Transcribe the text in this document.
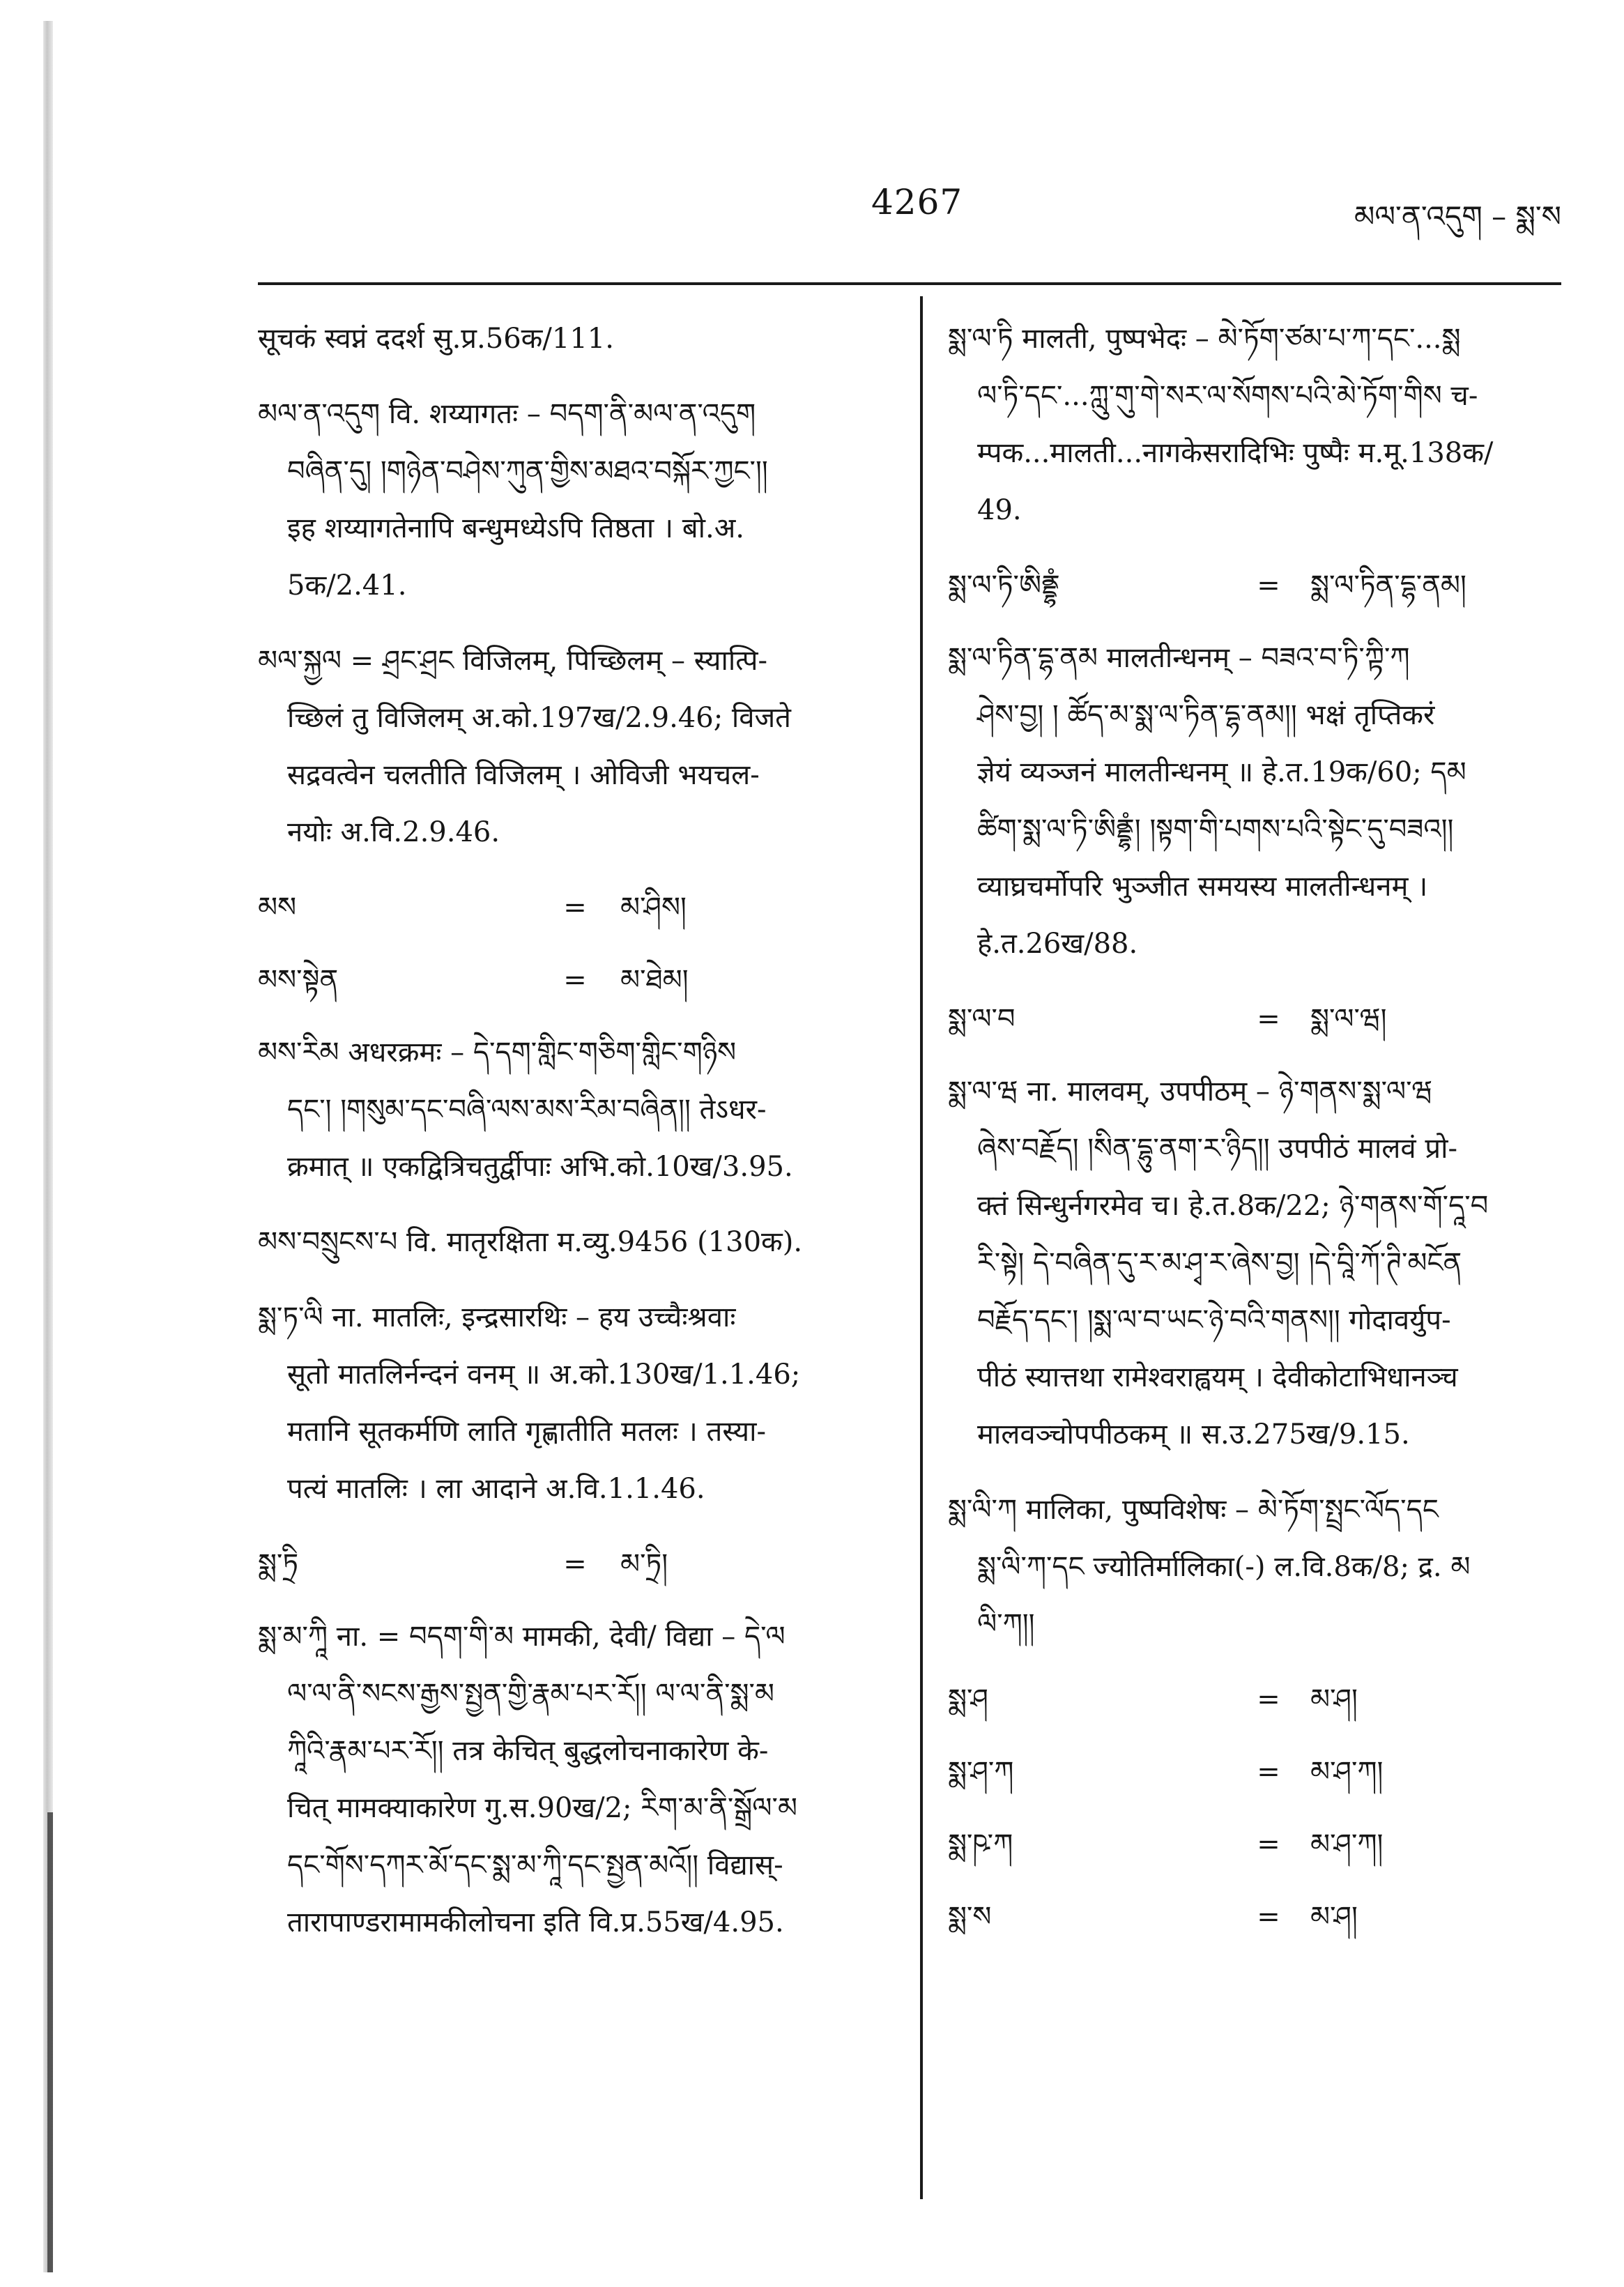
4267	མལ་ན་འདུག – སྨ་ས

सूचकं स्वप्नं ददर्श सु.प्र.56क/111.

མལ་ན་འདུག वि. शय्यागतः – བདག་ནི་མལ་ན་འདུག

བཞིན་དུ། །གཉེན་བཤེས་ཀུན་གྱིས་མཐའ་བསྐོར་ཀྱང་།།

इह शय्यागतेनापि बन्धुमध्येऽपि तिष्ठता । बो.अ.

5क/2.41.

མལ་སྐྱལ = ཤྲང་ཤྲང विजिलम्, पिच्छिलम् – स्यात्पि-

च्छिलं तु विजिलम् अ.को.197ख/2.9.46; विजते

सद्रवत्वेन चलतीति विजिलम् । ओविजी भयचल-

नयोः अ.वि.2.9.46.

མས	=	མ་ཤིས།
མས་སྟེན	=	མ་ཐེམ།

མས་རིམ अधरक्रमः – དེ་དག་གླིང་གཅིག་གླིང་གཉིས

དང་། །གསུམ་དང་བཞི་ལས་མས་རིམ་བཞིན།། तेऽधर-

क्रमात् ॥ एकद्वित्रिचतुर्द्वीपाः अभि.को.10ख/3.95.

མས་བསྲུངས་པ वि. मातृरक्षिता म.व्यु.9456 (130क).

སྨ་ཏ་ལི ना. मातलिः, इन्द्रसारथिः – हय उच्चैःश्रवाः

सूतो मातलिर्नन्दनं वनम् ॥ अ.को.130ख/1.1.46;

मतानि सूतकर्मणि लाति गृह्णातीति मतलः । तस्या-

पत्यं मातलिः । ला आदाने अ.वि.1.1.46.

སྨ་ཏྲི	=	མ་ཏྲི།

སྨ་མ་ཀཱི ना. = བདག་གི་མ मामकी, देवी/ विद्या – དེ་ལ

ལ་ལ་ནི་སངས་རྒྱས་སྤྱན་གྱི་རྣམ་པར་རོ།། ལ་ལ་ནི་སྨ་མ

ཀཱིའི་རྣམ་པར་རོ།། तत्र केचित् बुद्धलोचनाकारेण के-

चित् मामक्याकारेण गु.स.90ख/2; རིག་མ་ནི་སྒྲོལ་མ

དང་གོས་དཀར་མོ་དང་སྨ་མ་ཀཱི་དང་སྤྱན་མའོ།། विद्यास्-

तारापाण्डरामामकीलोचना इति वि.प्र.55ख/4.95.

སྨ་ལ་ཏི मालती, पुष्पभेदः – མེ་ཏོག་ཙམ་པ་ཀ་དང་...སྨ

ལ་ཏི་དང་...ཀླུ་གུ་གེ་སར་ལ་སོགས་པའི་མེ་ཏོག་གིས च-

म्पक...मालती...नागकेसरादिभिः पुष्पैः म.मू.138क/

49.

སྨ་ལ་ཏི་ཨིནྡྷཾ	=	སྨ་ལ་ཏིན་དྷ་ནམ།

སྨ་ལ་ཏིན་དྷ་ནམ मालतीन्धनम् – བཟའ་བ་ཏི་ཀྟི་ཀ

ཤེས་བྱ། ། ཚོད་མ་སྨ་ལ་ཏིན་དྷ་ནམ།། भक्षं तृप्तिकरं

ज्ञेयं व्यञ्जनं मालतीन्धनम् ॥ हे.त.19क/60; དམ

ཚིག་སྨ་ལ་ཏི་ཨིནྡྷཾ། །སྟག་གི་པགས་པའི་སྟེང་དུ་བཟའ།།

व्याघ्रचर्मोपरि भुञ्जीत समयस्य मालतीन्धनम् ।

हे.त.26ख/88.

སྨ་ལ་བ	=	སྨ་ལ་ཝ།

སྨ་ལ་ཝ ना. मालवम्, उपपीठम् – ཉེ་གནས་སྨ་ལ་ཝ

ཞེས་བརྗོད། །སིན་དྷུ་ནག་ར་ཉིད།། उपपीठं मालवं प्रो-

क्तं सिन्धुर्नगरमेव च। हे.त.8क/22; ཉེ་གནས་གོ་དཱ་བ

རི་སྟེ། དེ་བཞིན་དུ་ར་མ་ཤྭ་ར་ཞེས་བྱ། །དེ་བཱི་ཀོ་ཊི་མངོན

བརྗོད་དང་། །སྨ་ལ་བ་ཡང་ཉེ་བའི་གནས།། गोदावर्युप-

पीठं स्यात्तथा रामेश्वराह्वयम् । देवीकोटाभिधानञ्च

मालवञ्चोपपीठकम् ॥ स.उ.275ख/9.15.

སྨ་ལི་ཀ मालिका, पुष्पविशेषः – མེ་ཏོག་སྤྲང་ལོད་དང

སྨ་ལི་ཀ་དང ज्योतिर्मालिका(-) ल.वि.8क/8; द्र. མ

ལི་ཀ།།

སྨ་ཤ	=	མ་ཤ།
སྨ་ཤ་ཀ	=	མ་ཤ་ཀ།
སྨ་ཥ་ཀ	=	མ་ཤ་ཀ།
སྨ་ས	=	མ་ཤ།
